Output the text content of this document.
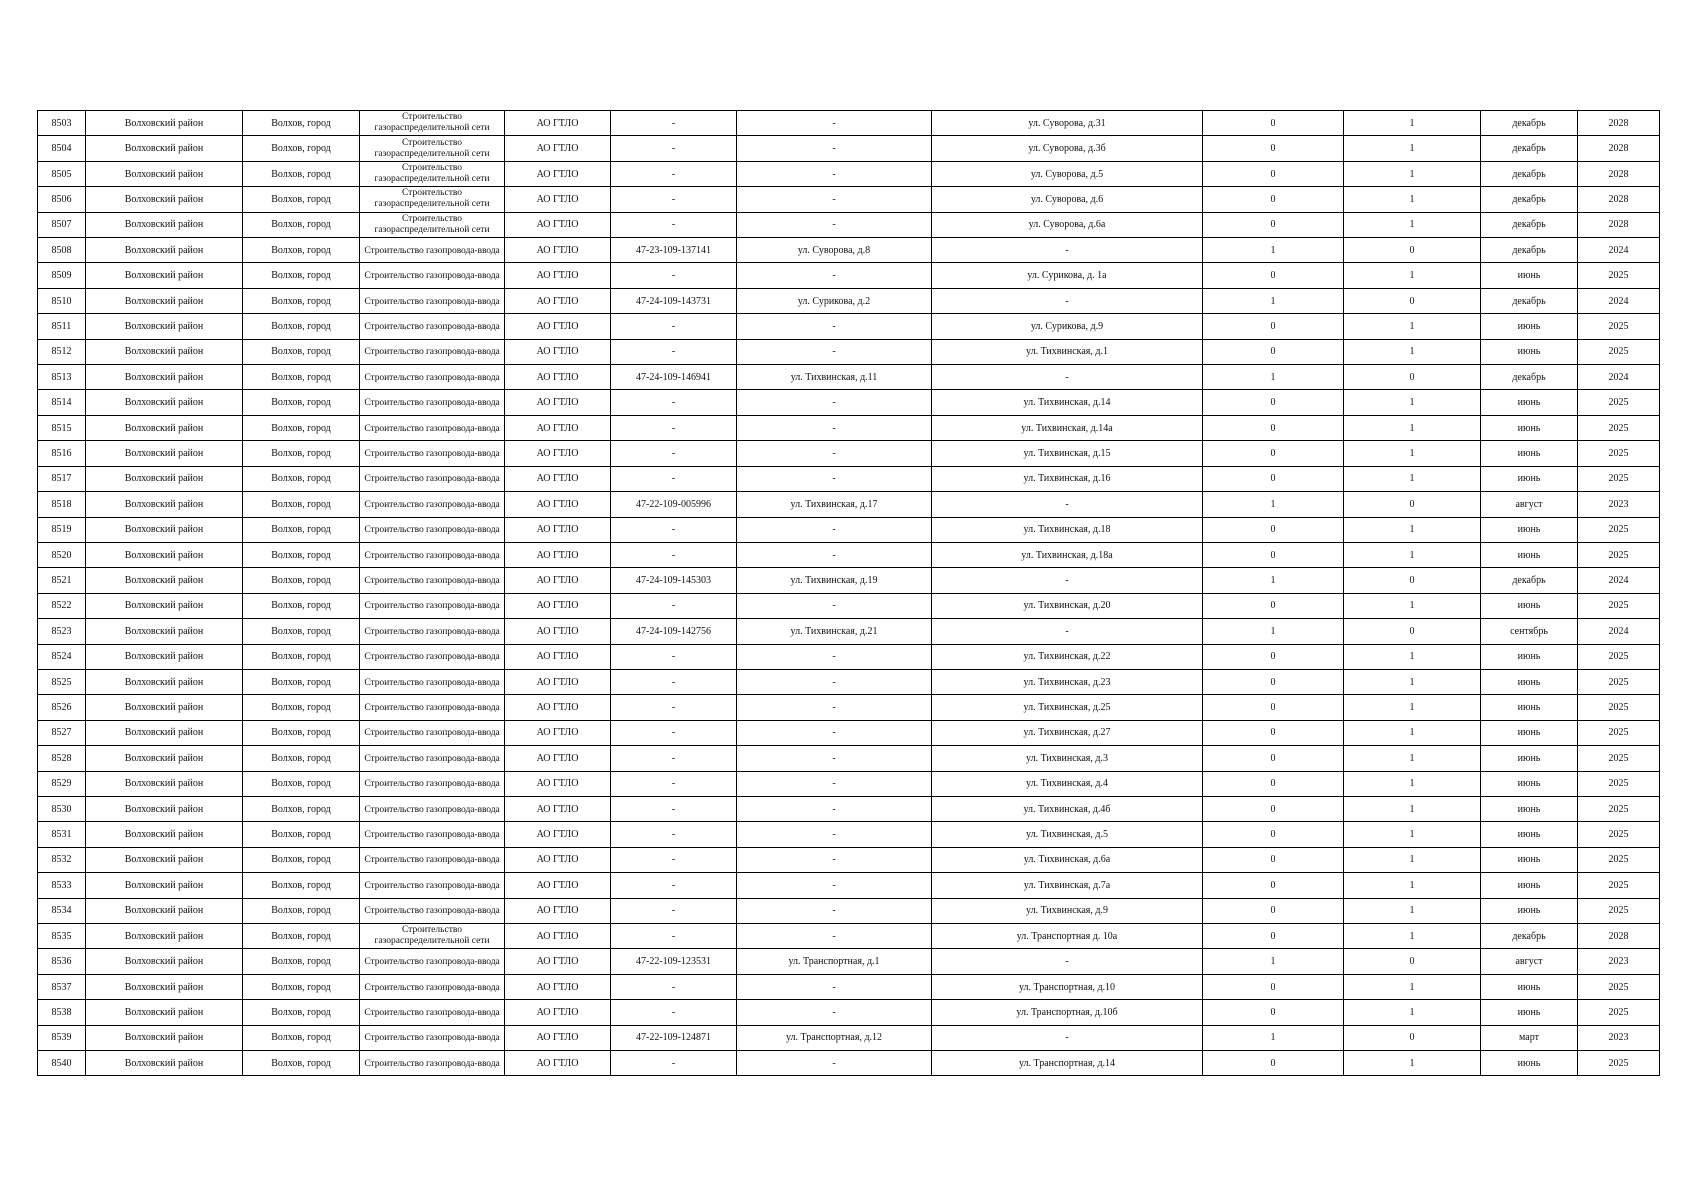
8503	Волховский район	Волхов, город	Строительство газораспределительной сети	АО ГТЛО	-	-	ул. Суворова, д.31	0	1	декабрь	2028
8504	Волховский район	Волхов, город	Строительство газораспределительной сети	АО ГТЛО	-	-	ул. Суворова, д.3б	0	1	декабрь	2028
8505	Волховский район	Волхов, город	Строительство газораспределительной сети	АО ГТЛО	-	-	ул. Суворова, д.5	0	1	декабрь	2028
8506	Волховский район	Волхов, город	Строительство газораспределительной сети	АО ГТЛО	-	-	ул. Суворова, д.6	0	1	декабрь	2028
8507	Волховский район	Волхов, город	Строительство газораспределительной сети	АО ГТЛО	-	-	ул. Суворова, д.6а	0	1	декабрь	2028
8508	Волховский район	Волхов, город	Строительство газопровода-ввода	АО ГТЛО	47-23-109-137141	ул. Суворова, д.8	-	1	0	декабрь	2024
8509	Волховский район	Волхов, город	Строительство газопровода-ввода	АО ГТЛО	-	-	ул. Сурикова, д. 1а	0	1	июнь	2025
8510	Волховский район	Волхов, город	Строительство газопровода-ввода	АО ГТЛО	47-24-109-143731	ул. Сурикова, д.2	-	1	0	декабрь	2024
8511	Волховский район	Волхов, город	Строительство газопровода-ввода	АО ГТЛО	-	-	ул. Сурикова, д.9	0	1	июнь	2025
8512	Волховский район	Волхов, город	Строительство газопровода-ввода	АО ГТЛО	-	-	ул. Тихвинская, д.1	0	1	июнь	2025
8513	Волховский район	Волхов, город	Строительство газопровода-ввода	АО ГТЛО	47-24-109-146941	ул. Тихвинская, д.11	-	1	0	декабрь	2024
8514	Волховский район	Волхов, город	Строительство газопровода-ввода	АО ГТЛО	-	-	ул. Тихвинская, д.14	0	1	июнь	2025
8515	Волховский район	Волхов, город	Строительство газопровода-ввода	АО ГТЛО	-	-	ул. Тихвинская, д.14а	0	1	июнь	2025
8516	Волховский район	Волхов, город	Строительство газопровода-ввода	АО ГТЛО	-	-	ул. Тихвинская, д.15	0	1	июнь	2025
8517	Волховский район	Волхов, город	Строительство газопровода-ввода	АО ГТЛО	-	-	ул. Тихвинская, д.16	0	1	июнь	2025
8518	Волховский район	Волхов, город	Строительство газопровода-ввода	АО ГТЛО	47-22-109-005996	ул. Тихвинская, д.17	-	1	0	август	2023
8519	Волховский район	Волхов, город	Строительство газопровода-ввода	АО ГТЛО	-	-	ул. Тихвинская, д.18	0	1	июнь	2025
8520	Волховский район	Волхов, город	Строительство газопровода-ввода	АО ГТЛО	-	-	ул. Тихвинская, д.18а	0	1	июнь	2025
8521	Волховский район	Волхов, город	Строительство газопровода-ввода	АО ГТЛО	47-24-109-145303	ул. Тихвинская, д.19	-	1	0	декабрь	2024
8522	Волховский район	Волхов, город	Строительство газопровода-ввода	АО ГТЛО	-	-	ул. Тихвинская, д.20	0	1	июнь	2025
8523	Волховский район	Волхов, город	Строительство газопровода-ввода	АО ГТЛО	47-24-109-142756	ул. Тихвинская, д.21	-	1	0	сентябрь	2024
8524	Волховский район	Волхов, город	Строительство газопровода-ввода	АО ГТЛО	-	-	ул. Тихвинская, д.22	0	1	июнь	2025
8525	Волховский район	Волхов, город	Строительство газопровода-ввода	АО ГТЛО	-	-	ул. Тихвинская, д.23	0	1	июнь	2025
8526	Волховский район	Волхов, город	Строительство газопровода-ввода	АО ГТЛО	-	-	ул. Тихвинская, д.25	0	1	июнь	2025
8527	Волховский район	Волхов, город	Строительство газопровода-ввода	АО ГТЛО	-	-	ул. Тихвинская, д.27	0	1	июнь	2025
8528	Волховский район	Волхов, город	Строительство газопровода-ввода	АО ГТЛО	-	-	ул. Тихвинская, д.3	0	1	июнь	2025
8529	Волховский район	Волхов, город	Строительство газопровода-ввода	АО ГТЛО	-	-	ул. Тихвинская, д.4	0	1	июнь	2025
8530	Волховский район	Волхов, город	Строительство газопровода-ввода	АО ГТЛО	-	-	ул. Тихвинская, д.4б	0	1	июнь	2025
8531	Волховский район	Волхов, город	Строительство газопровода-ввода	АО ГТЛО	-	-	ул. Тихвинская, д.5	0	1	июнь	2025
8532	Волховский район	Волхов, город	Строительство газопровода-ввода	АО ГТЛО	-	-	ул. Тихвинская, д.6а	0	1	июнь	2025
8533	Волховский район	Волхов, город	Строительство газопровода-ввода	АО ГТЛО	-	-	ул. Тихвинская, д.7а	0	1	июнь	2025
8534	Волховский район	Волхов, город	Строительство газопровода-ввода	АО ГТЛО	-	-	ул. Тихвинская, д.9	0	1	июнь	2025
8535	Волховский район	Волхов, город	Строительство газораспределительной сети	АО ГТЛО	-	-	ул. Транспортная д. 10а	0	1	декабрь	2028
8536	Волховский район	Волхов, город	Строительство газопровода-ввода	АО ГТЛО	47-22-109-123531	ул. Транспортная, д.1	-	1	0	август	2023
8537	Волховский район	Волхов, город	Строительство газопровода-ввода	АО ГТЛО	-	-	ул. Транспортная, д.10	0	1	июнь	2025
8538	Волховский район	Волхов, город	Строительство газопровода-ввода	АО ГТЛО	-	-	ул. Транспортная, д.10б	0	1	июнь	2025
8539	Волховский район	Волхов, город	Строительство газопровода-ввода	АО ГТЛО	47-22-109-124871	ул. Транспортная, д.12	-	1	0	март	2023
8540	Волховский район	Волхов, город	Строительство газопровода-ввода	АО ГТЛО	-	-	ул. Транспортная, д.14	0	1	июнь	2025
